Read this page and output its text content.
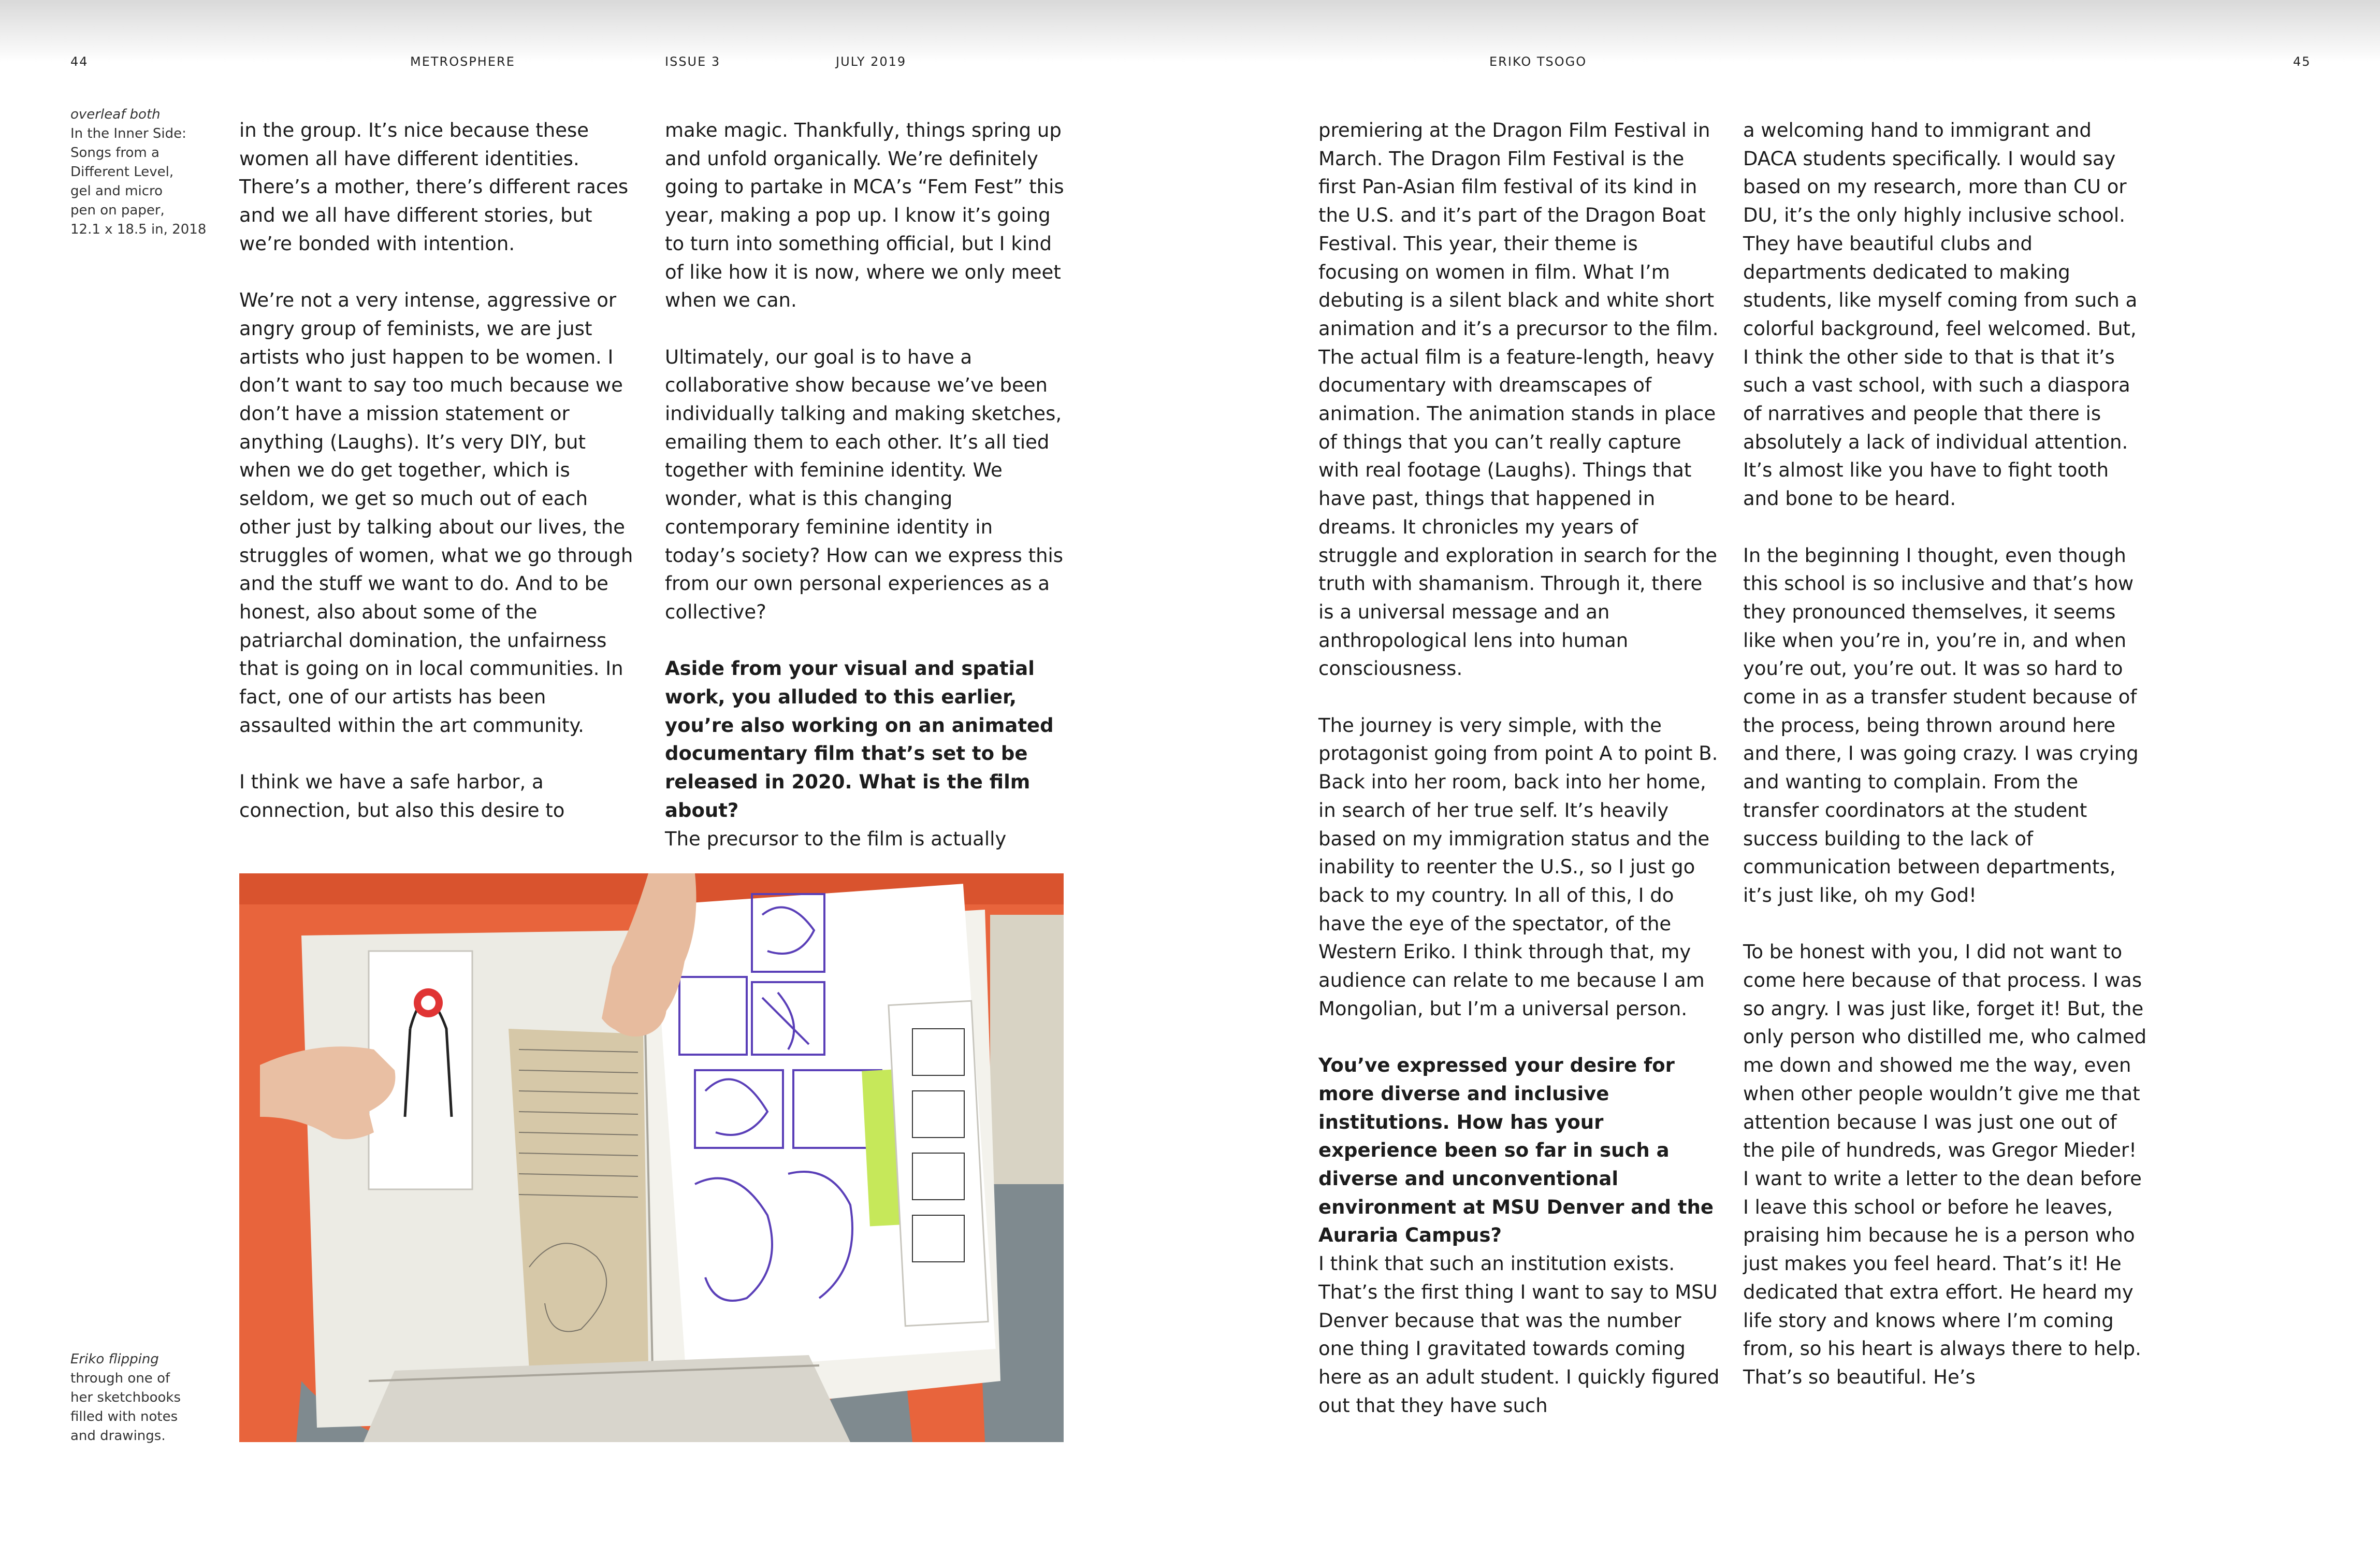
44	METROSPHERE	ISSUE 3	JULY 2019	ERIKO TSOGO	45
overleaf both
In the Inner Side:
Songs from a
Different Level,
gel and micro
pen on paper,
12.1 x 18.5 in, 2018
Eriko flipping
through one of
her sketchbooks
filled with notes
and drawings.

in the group. It’s nice because these women all have different identities. There’s a mother, there’s different races and we all have different stories, but we’re bonded with intention.

We’re not a very intense, aggressive or angry group of feminists, we are just artists who just happen to be women. I don’t want to say too much because we don’t have a mission statement or anything (Laughs). It’s very DIY, but when we do get together, which is seldom, we get so much out of each other just by talking about our lives, the struggles of women, what we go through and the stuff we want to do. And to be honest, also about some of the patriarchal domination, the unfairness that is going on in local communities. In fact, one of our artists has been assaulted within the art community.

I think we have a safe harbor, a connection, but also this desire to

make magic. Thankfully, things spring up and unfold organically. We’re definitely going to partake in MCA’s “Fem Fest” this year, making a pop up. I know it’s going to turn into something official, but I kind of like how it is now, where we only meet when we can.

Ultimately, our goal is to have a collaborative show because we’ve been individually talking and making sketches, emailing them to each other. It’s all tied together with feminine identity. We wonder, what is this changing contemporary feminine identity in today’s society? How can we express this from our own personal experiences as a collective?

Aside from your visual and spatial work, you alluded to this earlier, you’re also working on an animated documentary film that’s set to be released in 2020. What is the film about?

The precursor to the film is actually

premiering at the Dragon Film Festival in March. The Dragon Film Festival is the first Pan-Asian film festival of its kind in the U.S. and it’s part of the Dragon Boat Festival. This year, their theme is focusing on women in film. What I’m debuting is a silent black and white short animation and it’s a precursor to the film. The actual film is a feature-length, heavy documentary with dreamscapes of animation. The animation stands in place of things that you can’t really capture with real footage (Laughs). Things that have past, things that happened in dreams. It chronicles my years of struggle and exploration in search for the truth with shamanism. Through it, there is a universal message and an anthropological lens into human consciousness.

The journey is very simple, with the protagonist going from point A to point B. Back into her room, back into her home, in search of her true self. It’s heavily based on my immigration status and the inability to reenter the U.S., so I just go back to my country. In all of this, I do have the eye of the spectator, of the Western Eriko. I think through that, my audience can relate to me because I am Mongolian, but I’m a universal person.

You’ve expressed your desire for more diverse and inclusive institutions. How has your experience been so far in such a diverse and unconventional environment at MSU Denver and the Auraria Campus?

I think that such an institution exists. That’s the first thing I want to say to MSU Denver because that was the number one thing I gravitated towards coming here as an adult student. I quickly figured out that they have such

a welcoming hand to immigrant and DACA students specifically. I would say based on my research, more than CU or DU, it’s the only highly inclusive school. They have beautiful clubs and departments dedicated to making students, like myself coming from such a colorful background, feel welcomed. But, I think the other side to that is that it’s such a vast school, with such a diaspora of narratives and people that there is absolutely a lack of individual attention. It’s almost like you have to fight tooth and bone to be heard.

In the beginning I thought, even though this school is so inclusive and that’s how they pronounced themselves, it seems like when you’re in, you’re in, and when you’re out, you’re out. It was so hard to come in as a transfer student because of the process, being thrown around here and there, I was going crazy. I was crying and wanting to complain. From the transfer coordinators at the student success building to the lack of communication between departments, it’s just like, oh my God!

To be honest with you, I did not want to come here because of that process. I was so angry. I was just like, forget it! But, the only person who distilled me, who calmed me down and showed me the way, even when other people wouldn’t give me that attention because I was just one out of the pile of hundreds, was Gregor Mieder! I want to write a letter to the dean before I leave this school or before he leaves, praising him because he is a person who just makes you feel heard. That’s it! He dedicated that extra effort. He heard my life story and knows where I’m coming from, so his heart is always there to help. That’s so beautiful. He’s
